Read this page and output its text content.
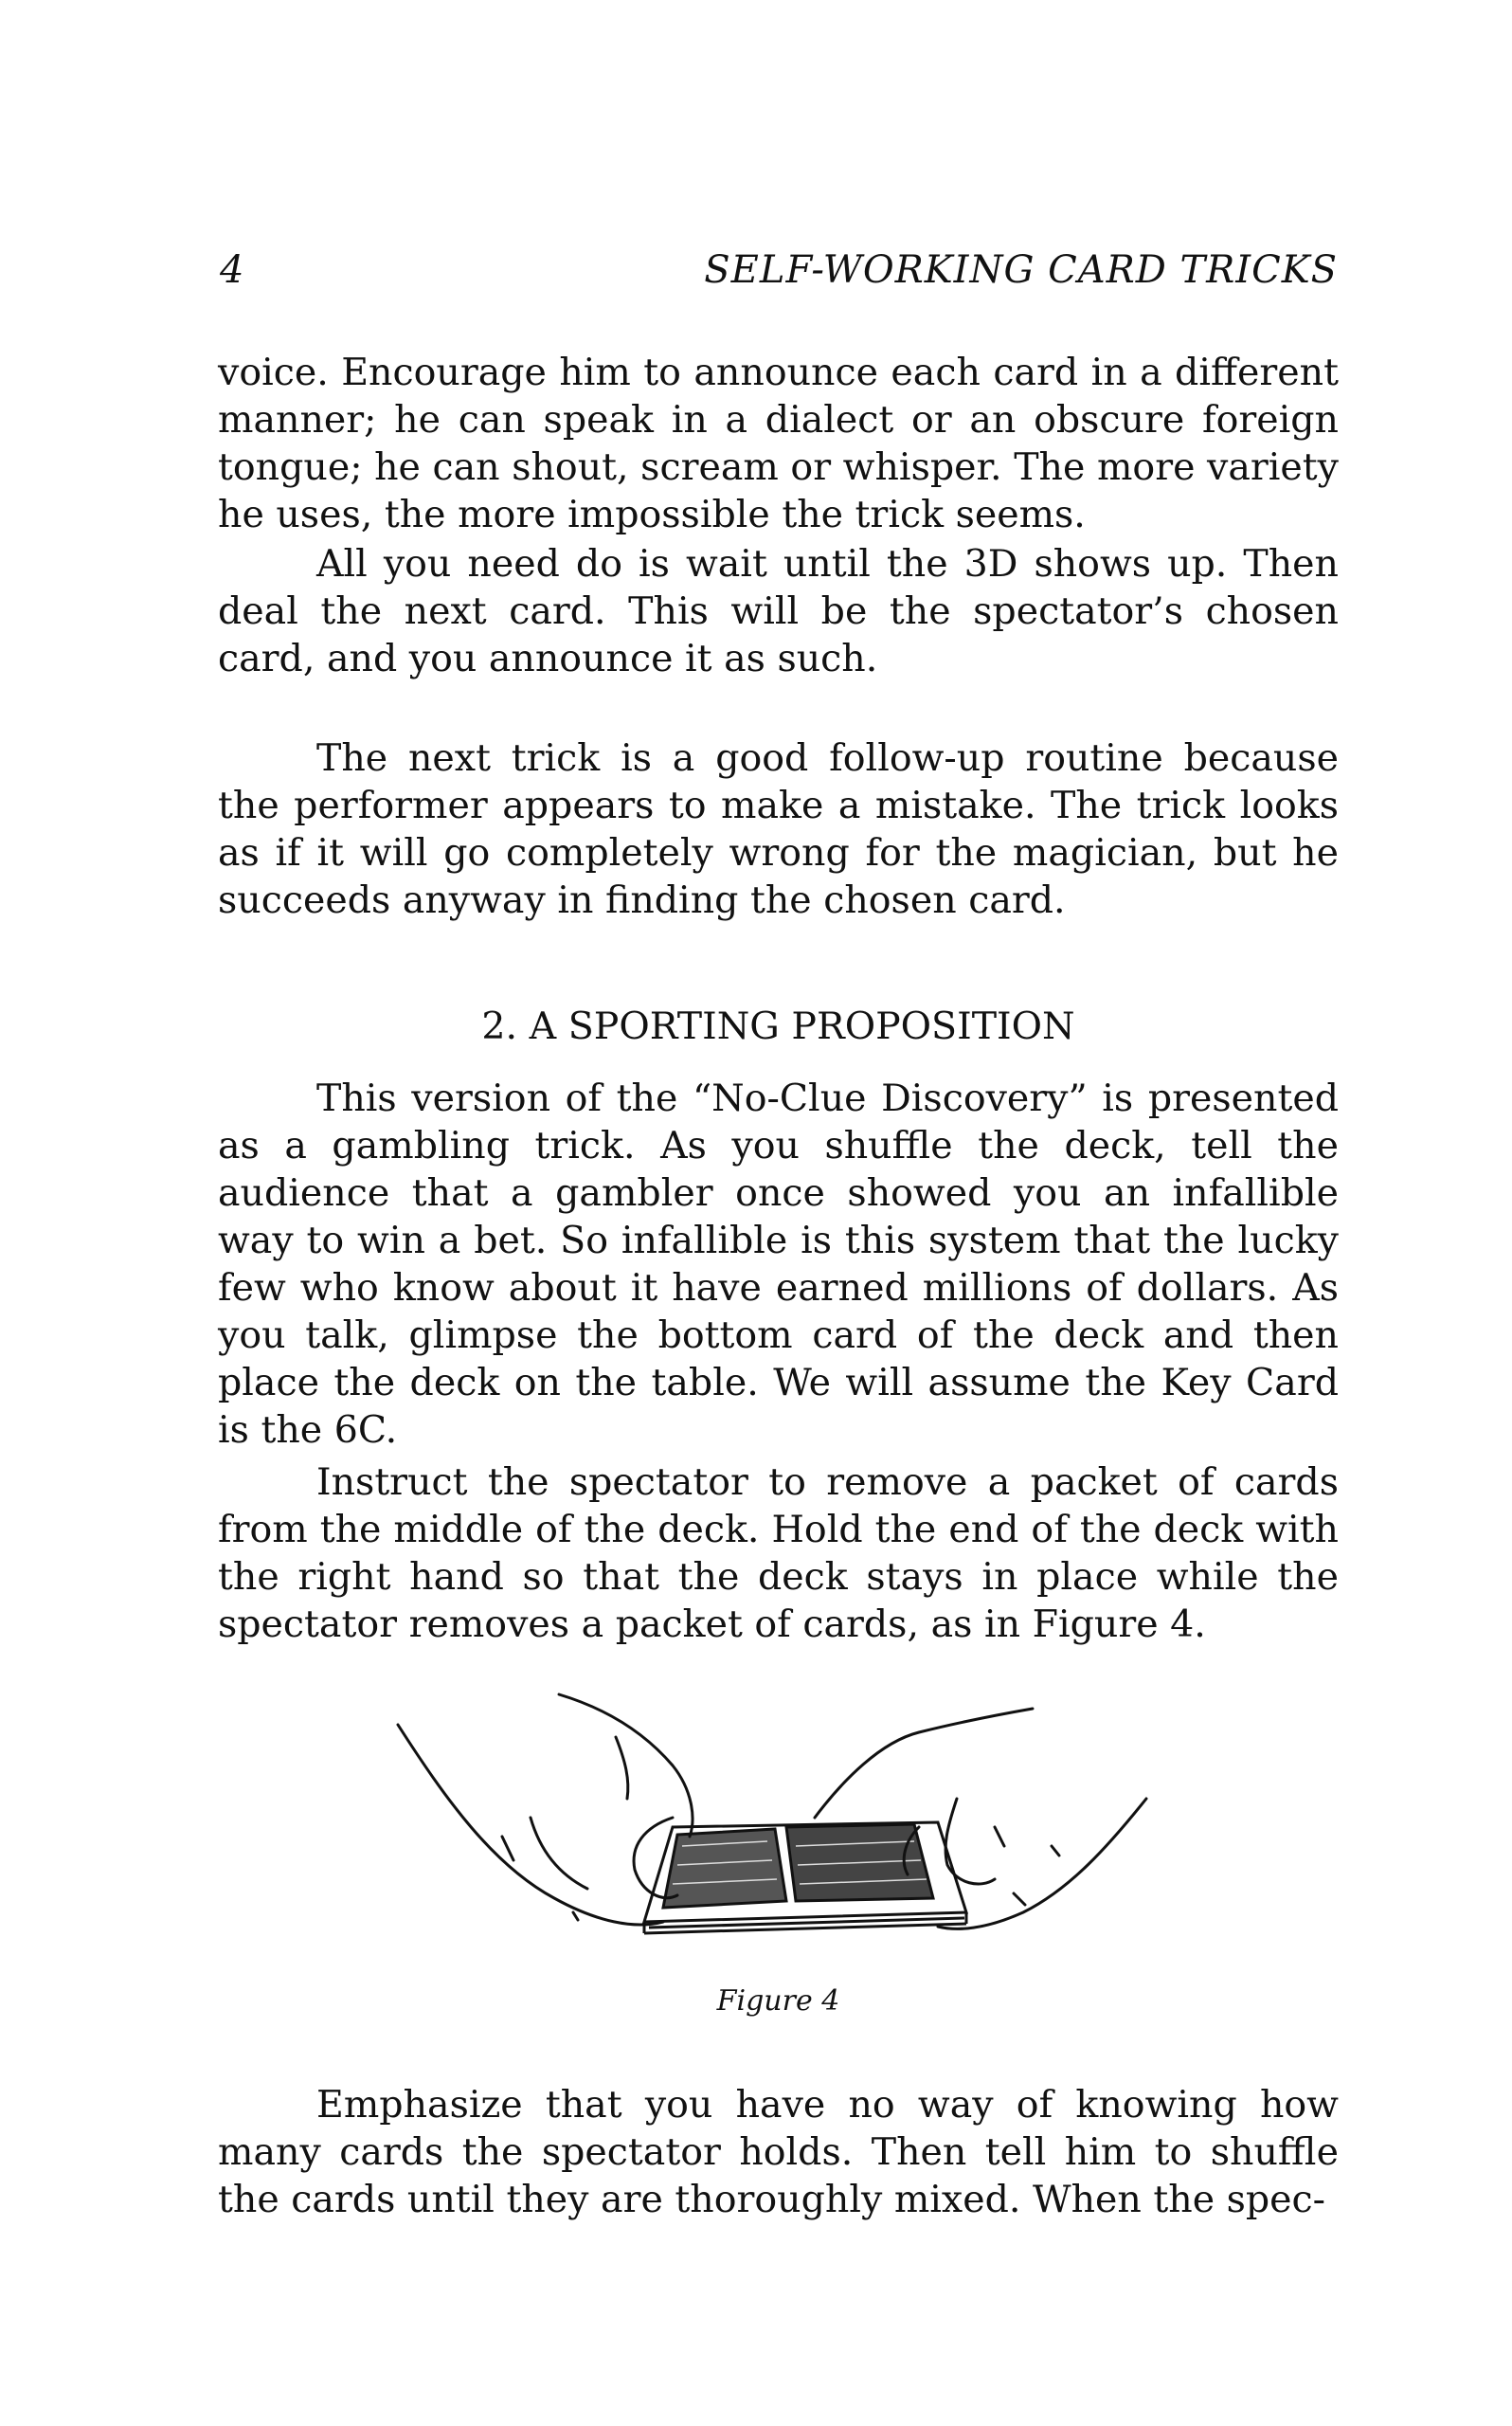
4	SELF-WORKING CARD TRICKS

voice. Encourage him to announce each card in a different manner; he can speak in a dialect or an obscure foreign tongue; he can shout, scream or whisper. The more variety he uses, the more impossible the trick seems.

All you need do is wait until the 3D shows up. Then deal the next card. This will be the spectator’s chosen card, and you announce it as such.

The next trick is a good follow-up routine because the performer appears to make a mistake. The trick looks as if it will go completely wrong for the magician, but he succeeds anyway in finding the chosen card.

2. A SPORTING PROPOSITION

This version of the “No-Clue Discovery” is presented as a gambling trick. As you shuffle the deck, tell the audience that a gambler once showed you an infallible way to win a bet. So infallible is this system that the lucky few who know about it have earned millions of dollars. As you talk, glimpse the bottom card of the deck and then place the deck on the table. We will assume the Key Card is the 6C.

Instruct the spectator to remove a packet of cards from the middle of the deck. Hold the end of the deck with the right hand so that the deck stays in place while the spectator removes a packet of cards, as in Figure 4.

Figure 4

Emphasize that you have no way of knowing how many cards the spectator holds. Then tell him to shuffle the cards until they are thoroughly mixed. When the spec-
